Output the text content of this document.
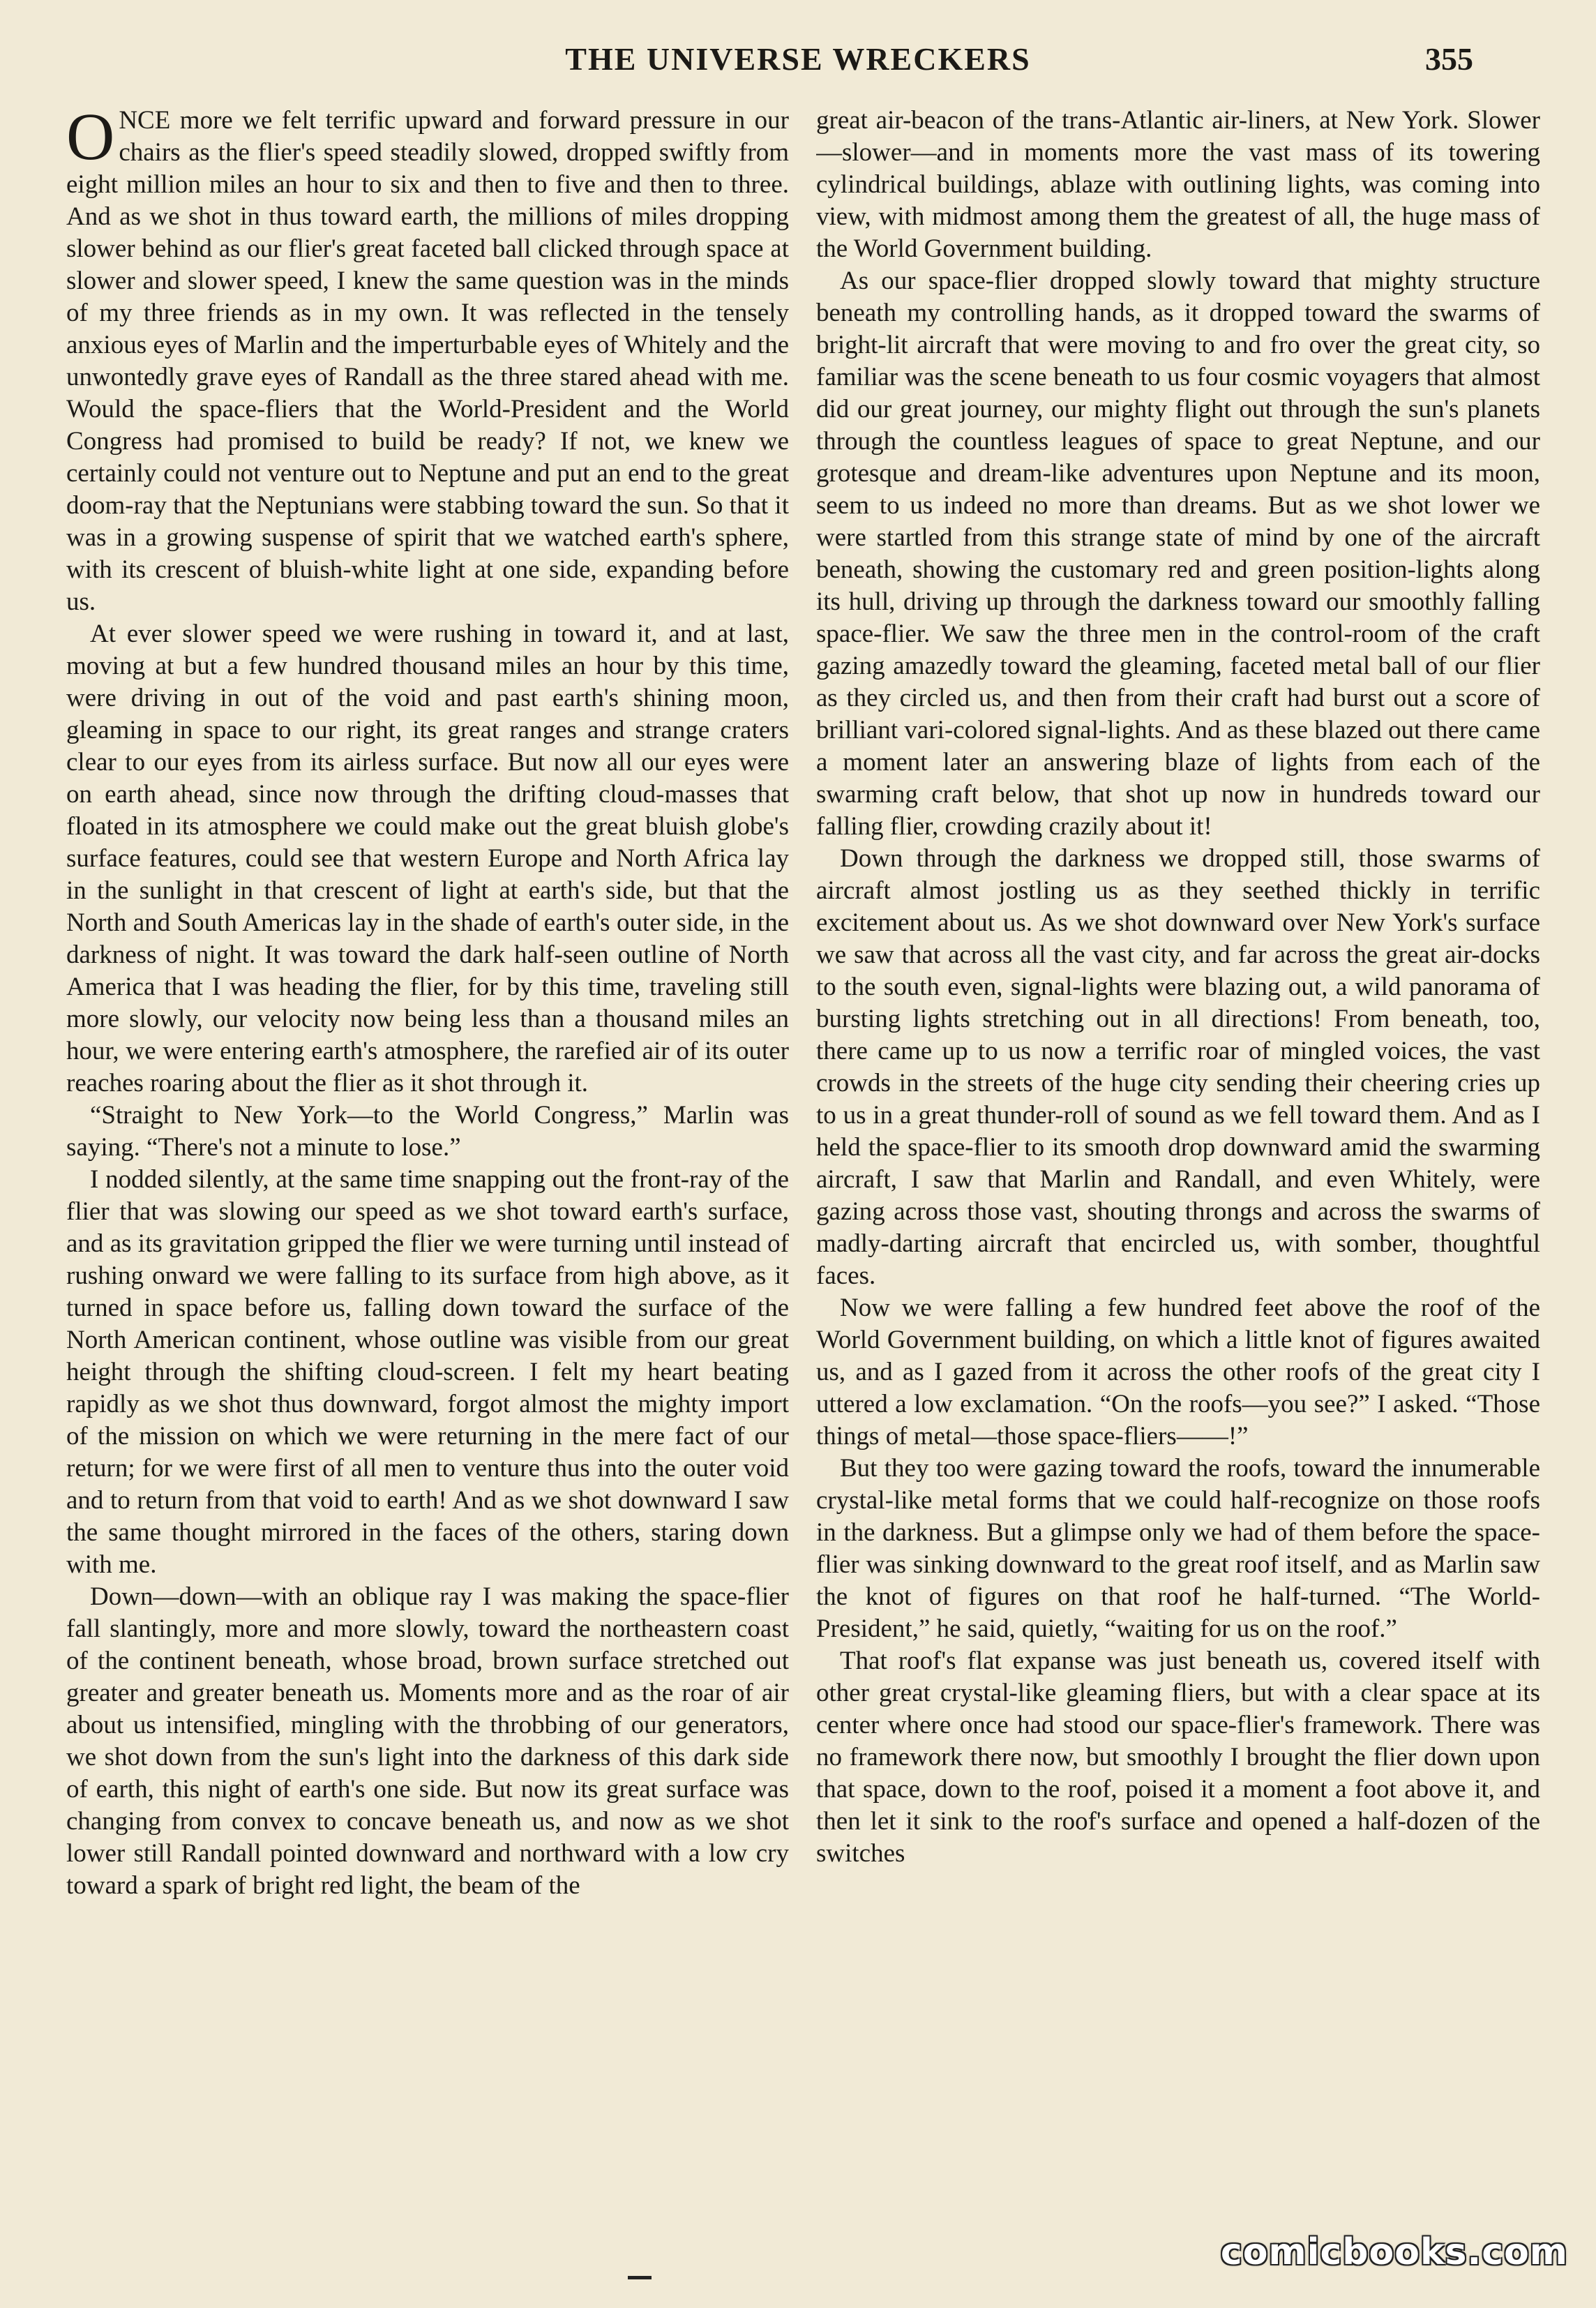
THE UNIVERSE WRECKERS	355

ONCE more we felt terrific upward and forward pressure in our chairs as the flier's speed steadily slowed, dropped swiftly from eight million miles an hour to six and then to five and then to three. And as we shot in thus toward earth, the millions of miles dropping slower behind as our flier's great faceted ball clicked through space at slower and slower speed, I knew the same question was in the minds of my three friends as in my own. It was reflected in the tensely anxious eyes of Marlin and the imperturbable eyes of Whitely and the unwontedly grave eyes of Randall as the three stared ahead with me. Would the space-fliers that the World-President and the World Congress had promised to build be ready? If not, we knew we certainly could not venture out to Neptune and put an end to the great doom-ray that the Neptunians were stabbing toward the sun. So that it was in a growing suspense of spirit that we watched earth's sphere, with its crescent of bluish-white light at one side, expanding before us.

At ever slower speed we were rushing in toward it, and at last, moving at but a few hundred thousand miles an hour by this time, were driving in out of the void and past earth's shining moon, gleaming in space to our right, its great ranges and strange craters clear to our eyes from its airless surface. But now all our eyes were on earth ahead, since now through the drifting cloud-masses that floated in its atmosphere we could make out the great bluish globe's surface features, could see that western Europe and North Africa lay in the sunlight in that crescent of light at earth's side, but that the North and South Americas lay in the shade of earth's outer side, in the darkness of night. It was toward the dark half-seen outline of North America that I was heading the flier, for by this time, traveling still more slowly, our velocity now being less than a thousand miles an hour, we were entering earth's atmosphere, the rarefied air of its outer reaches roaring about the flier as it shot through it.

“Straight to New York—to the World Congress,” Marlin was saying. “There's not a minute to lose.”

I nodded silently, at the same time snapping out the front-ray of the flier that was slowing our speed as we shot toward earth's surface, and as its gravitation gripped the flier we were turning until instead of rushing onward we were falling to its surface from high above, as it turned in space before us, falling down toward the surface of the North American continent, whose outline was visible from our great height through the shifting cloud-screen. I felt my heart beating rapidly as we shot thus downward, forgot almost the mighty import of the mission on which we were returning in the mere fact of our return; for we were first of all men to venture thus into the outer void and to return from that void to earth! And as we shot downward I saw the same thought mirrored in the faces of the others, staring down with me.

Down—down—with an oblique ray I was making the space-flier fall slantingly, more and more slowly, toward the northeastern coast of the continent beneath, whose broad, brown surface stretched out greater and greater beneath us. Moments more and as the roar of air about us intensified, mingling with the throbbing of our generators, we shot down from the sun's light into the darkness of this dark side of earth, this night of earth's one side. But now its great surface was changing from convex to concave beneath us, and now as we shot lower still Randall pointed downward and northward with a low cry toward a spark of bright red light, the beam of the

great air-beacon of the trans-Atlantic air-liners, at New York. Slower—slower—and in moments more the vast mass of its towering cylindrical buildings, ablaze with outlining lights, was coming into view, with midmost among them the greatest of all, the huge mass of the World Government building.

As our space-flier dropped slowly toward that mighty structure beneath my controlling hands, as it dropped toward the swarms of bright-lit aircraft that were moving to and fro over the great city, so familiar was the scene beneath to us four cosmic voyagers that almost did our great journey, our mighty flight out through the sun's planets through the countless leagues of space to great Neptune, and our grotesque and dream-like adventures upon Neptune and its moon, seem to us indeed no more than dreams. But as we shot lower we were startled from this strange state of mind by one of the aircraft beneath, showing the customary red and green position-lights along its hull, driving up through the darkness toward our smoothly falling space-flier. We saw the three men in the control-room of the craft gazing amazedly toward the gleaming, faceted metal ball of our flier as they circled us, and then from their craft had burst out a score of brilliant vari-colored signal-lights. And as these blazed out there came a moment later an answering blaze of lights from each of the swarming craft below, that shot up now in hundreds toward our falling flier, crowding crazily about it!

Down through the darkness we dropped still, those swarms of aircraft almost jostling us as they seethed thickly in terrific excitement about us. As we shot downward over New York's surface we saw that across all the vast city, and far across the great air-docks to the south even, signal-lights were blazing out, a wild panorama of bursting lights stretching out in all directions! From beneath, too, there came up to us now a terrific roar of mingled voices, the vast crowds in the streets of the huge city sending their cheering cries up to us in a great thunder-roll of sound as we fell toward them. And as I held the space-flier to its smooth drop downward amid the swarming aircraft, I saw that Marlin and Randall, and even Whitely, were gazing across those vast, shouting throngs and across the swarms of madly-darting aircraft that encircled us, with somber, thoughtful faces.

Now we were falling a few hundred feet above the roof of the World Government building, on which a little knot of figures awaited us, and as I gazed from it across the other roofs of the great city I uttered a low exclamation. “On the roofs—you see?” I asked. “Those things of metal—those space-fliers——!”

But they too were gazing toward the roofs, toward the innumerable crystal-like metal forms that we could half-recognize on those roofs in the darkness. But a glimpse only we had of them before the space-flier was sinking downward to the great roof itself, and as Marlin saw the knot of figures on that roof he half-turned. “The World-President,” he said, quietly, “waiting for us on the roof.”

That roof's flat expanse was just beneath us, covered itself with other great crystal-like gleaming fliers, but with a clear space at its center where once had stood our space-flier's framework. There was no framework there now, but smoothly I brought the flier down upon that space, down to the roof, poised it a moment a foot above it, and then let it sink to the roof's surface and opened a half-dozen of the switches

comicbooks.com
